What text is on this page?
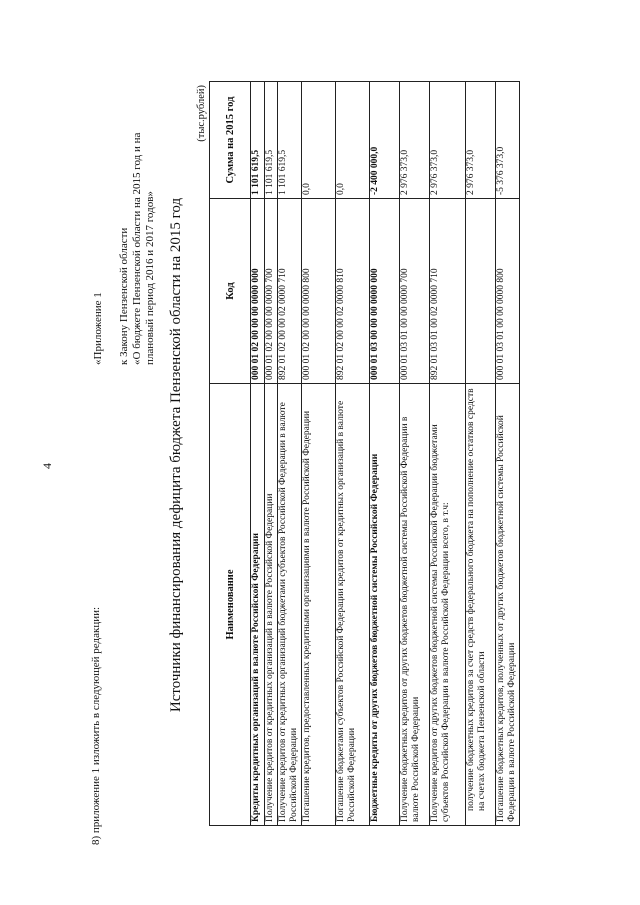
4
8) приложение 1 изложить в следующей редакции:
«Приложение 1 к Закону Пензенской области «О бюджете Пензенской области на 2015 год и на плановый период 2016 и 2017 годов» Источники финансирования дефицита бюджета Пензенской области на 2015 год
(тыс.рублей)
Наименование	Код	Сумма на 2015 год
Кредиты кредитных организаций в валюте Российской Федерации	000 01 02 00 00 00 0000 000	1 101 619,5
Получение кредитов от кредитных организаций в валюте Российской Федерации	000 01 02 00 00 00 0000 700	1 101 619,5
Получение кредитов от кредитных организаций бюджетами субъектов Российской Федерации в валюте Российской Федерации	892 01 02 00 00 02 0000 710	1 101 619,5
Погашение кредитов, предоставленных кредитными организациями в валюте Российской Федерации	000 01 02 00 00 00 0000 800	0,0
Погашение бюджетами субъектов Российской Федерации кредитов от кредитных организаций в валюте Российской Федерации	892 01 02 00 00 02 0000 810	0,0
Бюджетные кредиты от других бюджетов бюджетной системы Российской Федерации	000 01 03 00 00 00 0000 000	-2 400 000,0
Получение бюджетных кредитов от других бюджетов бюджетной системы Российской Федерации в валюте Российской Федерации	000 01 03 01 00 00 0000 700	2 976 373,0
Получение кредитов от других бюджетов бюджетной системы Российской Федерации бюджетами субъектов Российской Федерации в валюте Российской Федерации всего, в т.ч:	892 01 03 01 00 02 0000 710	2 976 373,0
получение бюджетных кредитов за счет средств федерального бюджета на пополнение остатков средств на счетах бюджета Пензенской области		2 976 373,0
Погашение бюджетных кредитов, полученных от других бюджетов бюджетной системы Российской Федерации в валюте Российской Федерации	000 01 03 01 00 00 0000 800	-5 376 373,0
